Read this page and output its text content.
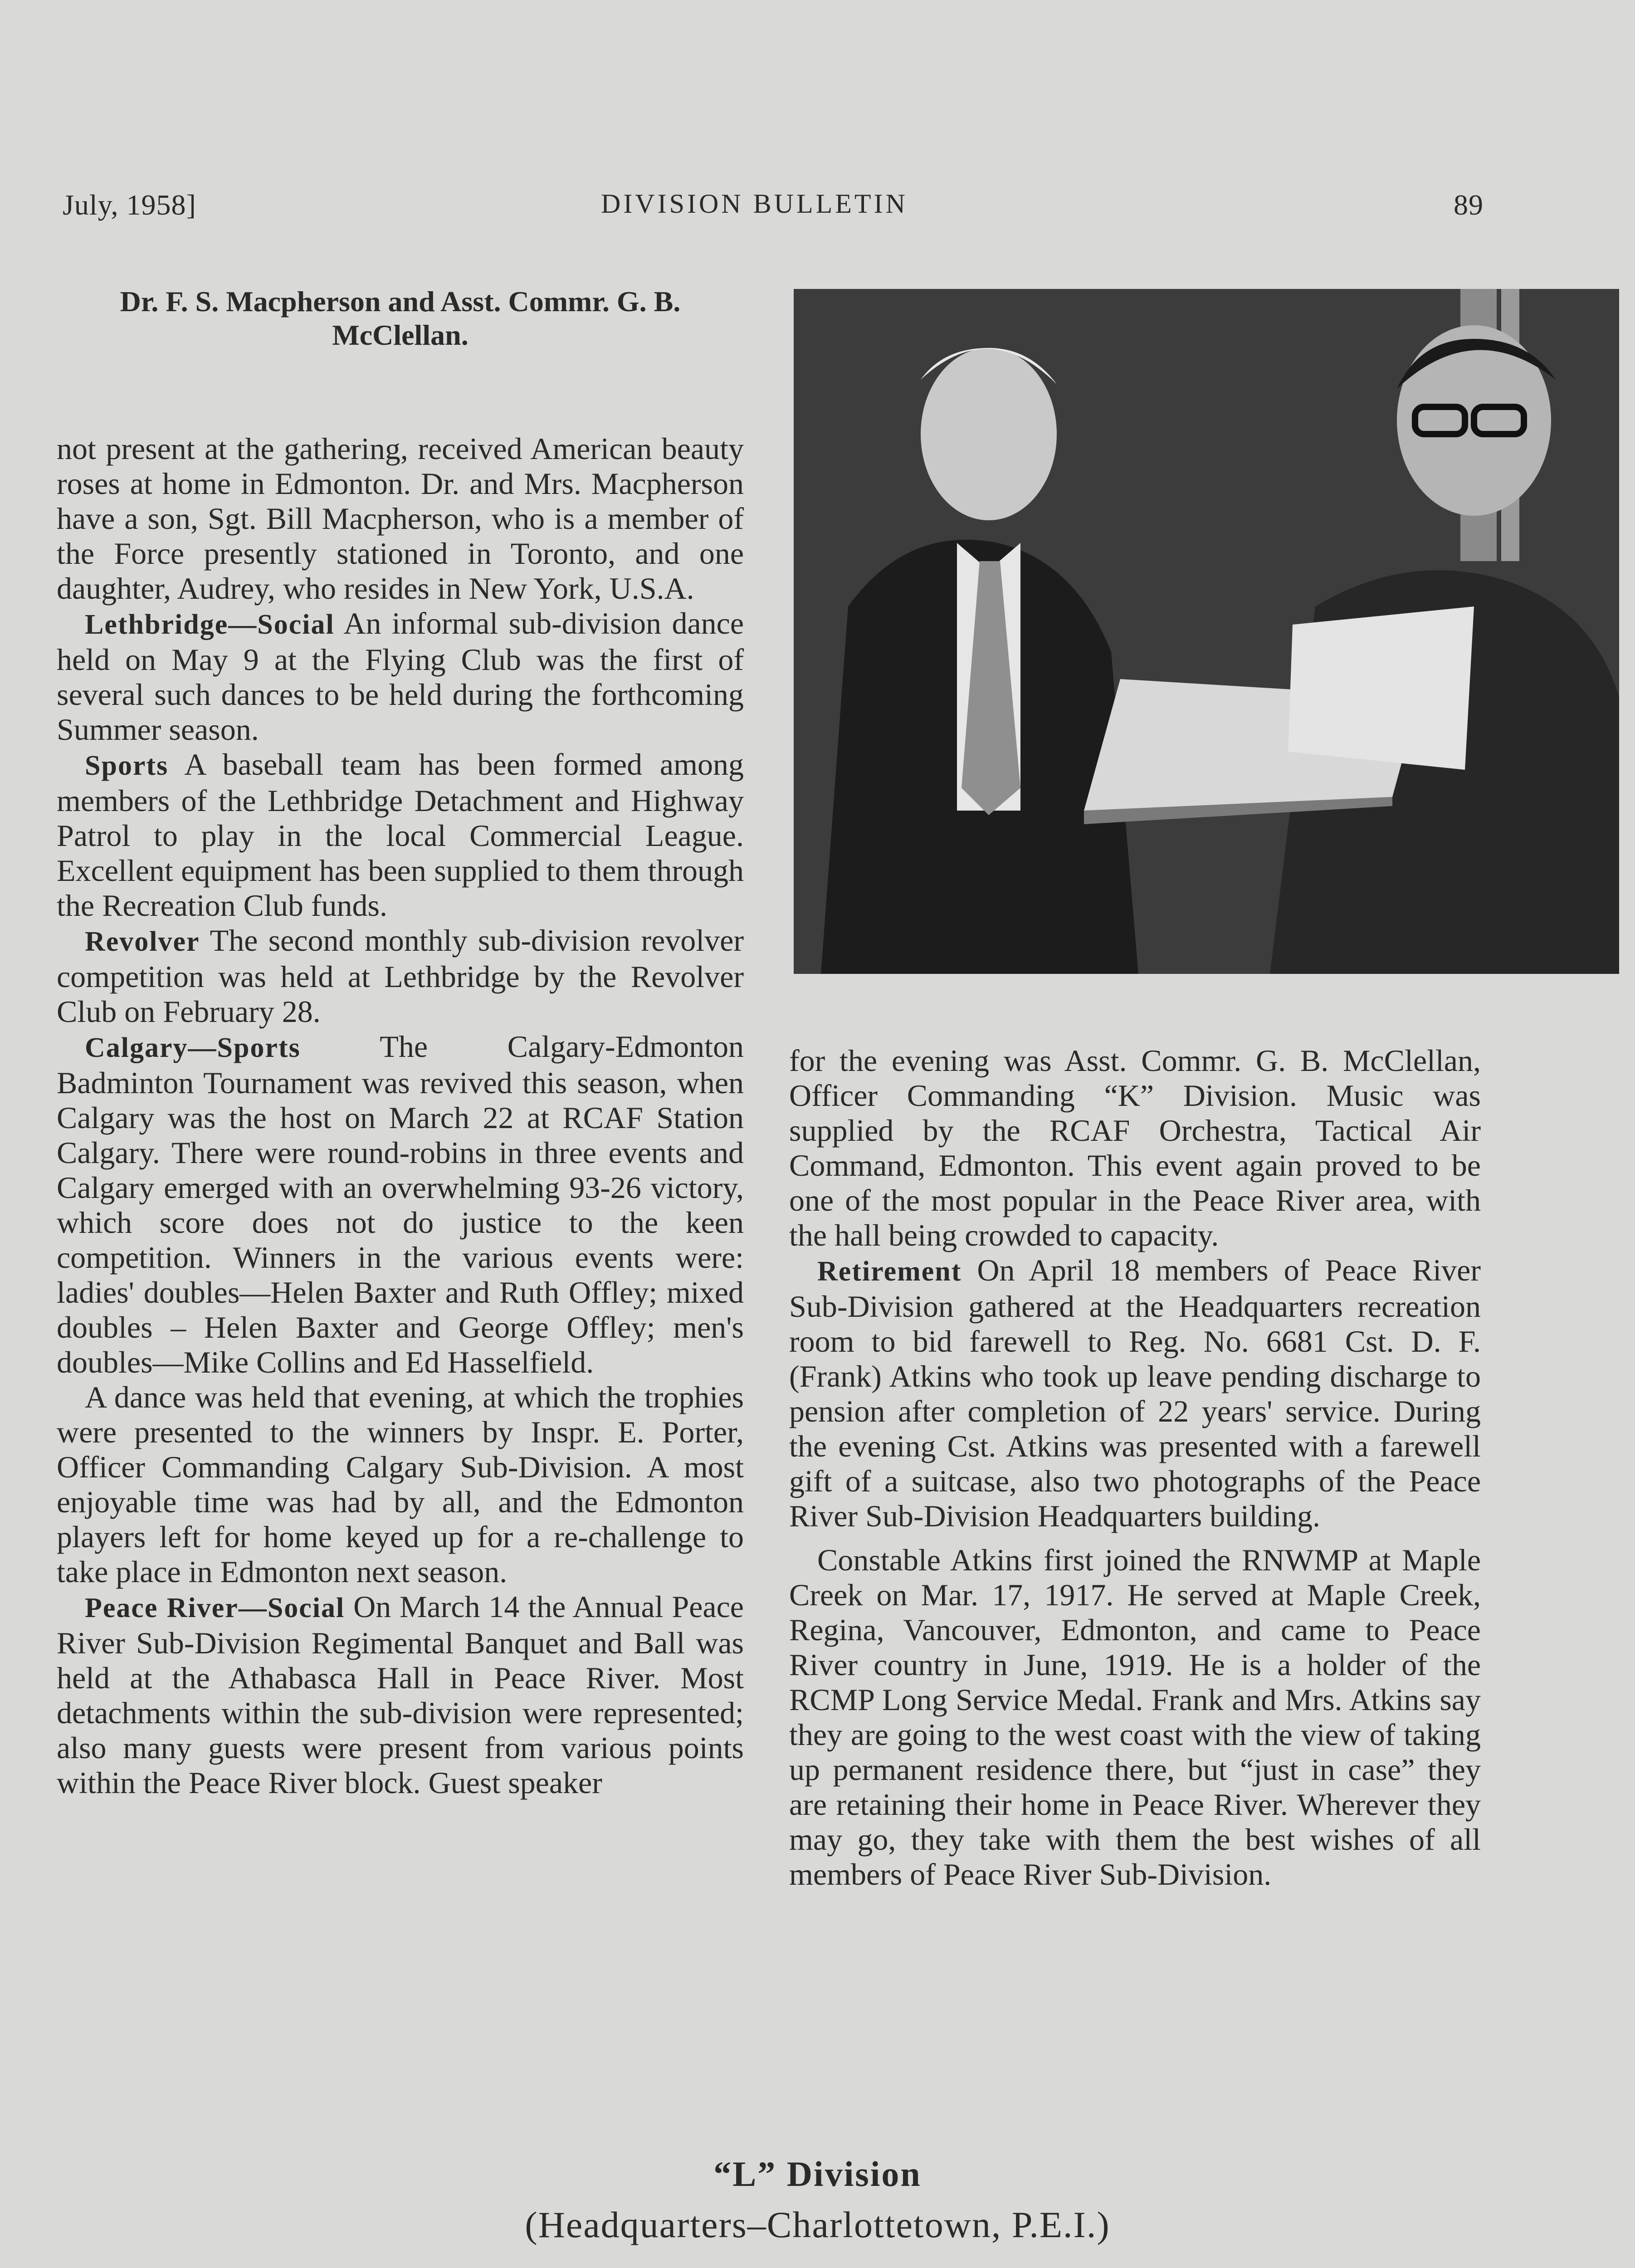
July, 1958]	DIVISION BULLETIN	89

Dr. F. S. Macpherson and Asst. Commr. G. B. McClellan.

not present at the gathering, received American beauty roses at home in Edmonton. Dr. and Mrs. Macpherson have a son, Sgt. Bill Macpherson, who is a member of the Force presently stationed in Toronto, and one daughter, Audrey, who resides in New York, U.S.A.

Lethbridge—Social An informal sub-division dance held on May 9 at the Flying Club was the first of several such dances to be held during the forthcoming Summer season.

Sports A baseball team has been formed among members of the Lethbridge Detachment and Highway Patrol to play in the local Commercial League. Excellent equipment has been supplied to them through the Recreation Club funds.

Revolver The second monthly sub-division revolver competition was held at Lethbridge by the Revolver Club on February 28.

Calgary—Sports The Calgary-Edmonton Badminton Tournament was revived this season, when Calgary was the host on March 22 at RCAF Station Calgary. There were round-robins in three events and Calgary emerged with an overwhelming 93-26 victory, which score does not do justice to the keen competition. Winners in the various events were: ladies' doubles—Helen Baxter and Ruth Offley; mixed doubles – Helen Baxter and George Offley; men's doubles—Mike Collins and Ed Hasselfield.

A dance was held that evening, at which the trophies were presented to the winners by Inspr. E. Porter, Officer Commanding Calgary Sub-Division. A most enjoyable time was had by all, and the Edmonton players left for home keyed up for a re-challenge to take place in Edmonton next season.

Peace River—Social On March 14 the Annual Peace River Sub-Division Regimental Banquet and Ball was held at the Athabasca Hall in Peace River. Most detachments within the sub-division were represented; also many guests were present from various points within the Peace River block. Guest speaker

for the evening was Asst. Commr. G. B. McClellan, Officer Commanding “K” Division. Music was supplied by the RCAF Orchestra, Tactical Air Command, Edmonton. This event again proved to be one of the most popular in the Peace River area, with the hall being crowded to capacity.

Retirement On April 18 members of Peace River Sub-Division gathered at the Headquarters recreation room to bid farewell to Reg. No. 6681 Cst. D. F. (Frank) Atkins who took up leave pending discharge to pension after completion of 22 years' service. During the evening Cst. Atkins was presented with a farewell gift of a suitcase, also two photographs of the Peace River Sub-Division Headquarters building.

Constable Atkins first joined the RNWMP at Maple Creek on Mar. 17, 1917. He served at Maple Creek, Regina, Vancouver, Edmonton, and came to Peace River country in June, 1919. He is a holder of the RCMP Long Service Medal. Frank and Mrs. Atkins say they are going to the west coast with the view of taking up permanent residence there, but “just in case” they are retaining their home in Peace River. Wherever they may go, they take with them the best wishes of all members of Peace River Sub-Division.

“L” Division
(Headquarters–Charlottetown, P.E.I.)
